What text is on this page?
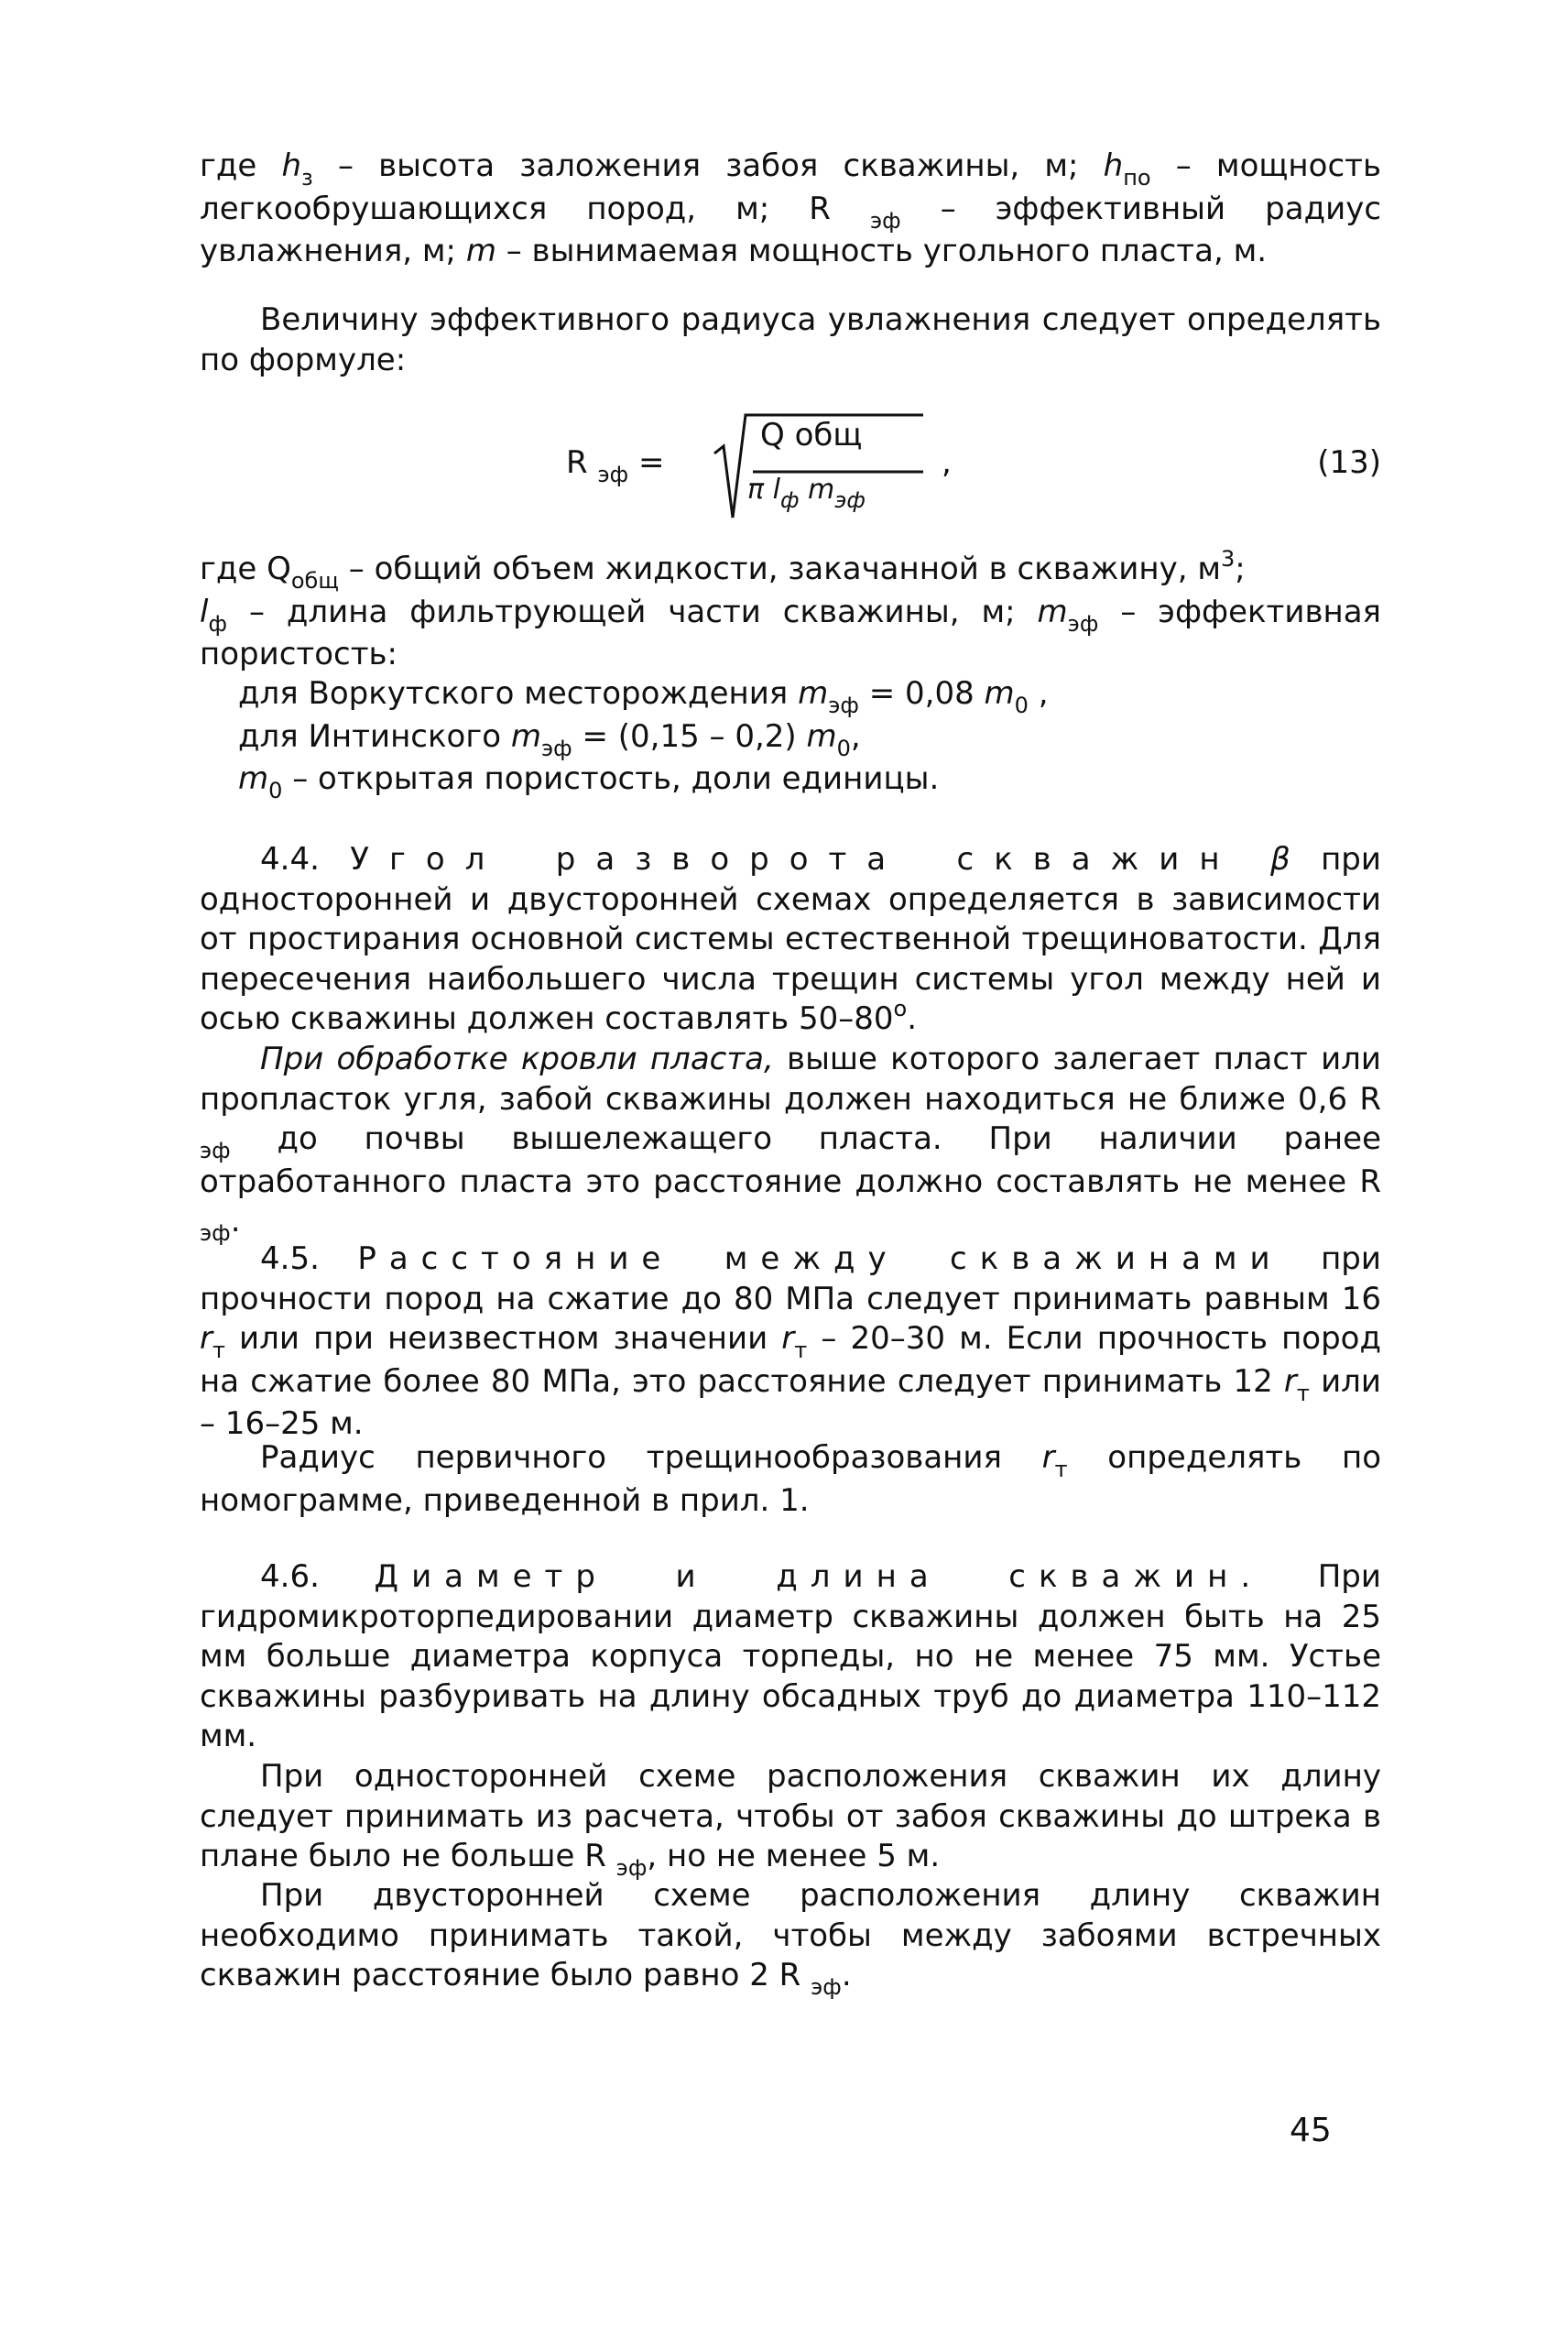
где $h_з$ – высота заложения забоя скважины, м; $h_{по}$ – мощность легкообрушающихся пород, м; R $_{эф}$ – эффективный радиус увлажнения, м; m – вынимаемая мощность угольного пласта, м.

Величину эффективного радиуса увлажнения следует определять по формуле:

R $_{эф}$ =
Q общ
π $l_ф$ $m_{эф}$
,	(13)

где $Q_{общ}$ – общий объем жидкости, закачанной в скважину, $м^3$;
$l_ф$ – длина фильтрующей части скважины, м; $m_{эф}$ – эффективная пористость:

для Воркутского месторождения $m_{эф} = 0,08$ $m_0$ ,

для Интинского $m_{эф} = (0,15 - 0,2)$ $m_0$,

$m_0$ – открытая пористость, доли единицы.

4.4. Угол разворота скважин β при односторонней и двусторонней схемах определяется в зависимости от простирания основной системы естественной трещиноватости. Для пересечения наибольшего числа трещин системы угол между ней и осью скважины должен составлять $50-80^о$.

При обработке кровли пласта, выше которого залегает пласт или пропласток угля, забой скважины должен находиться не ближе 0,6 R $_{эф}$ до почвы вышележащего пласта. При наличии ранее отработанного пласта это расстояние должно составлять не менее R $_{эф}$.

4.5. Расстояние между скважинами при прочности пород на сжатие до 80 МПа следует принимать равным 16 $r_т$ или при неизвестном значении $r_т - 20-30$ м. Если прочность пород на сжатие более 80 МПа, это расстояние следует принимать 12 $r_т$ или – 16–25 м.

Радиус первичного трещинообразования $r_т$ определять по номограмме, приведенной в прил. 1.

4.6. Диаметр и длина скважин. При гидромикроторпедировании диаметр скважины должен быть на 25 мм больше диаметра корпуса торпеды, но не менее 75 мм. Устье скважины разбуривать на длину обсадных труб до диаметра 110–112 мм.

При односторонней схеме расположения скважин их длину следует принимать из расчета, чтобы от забоя скважины до штрека в плане было не больше R $_{эф}$, но не менее 5 м.

При двусторонней схеме расположения длину скважин необходимо принимать такой, чтобы между забоями встречных скважин расстояние было равно 2 R $_{эф}$.

45
